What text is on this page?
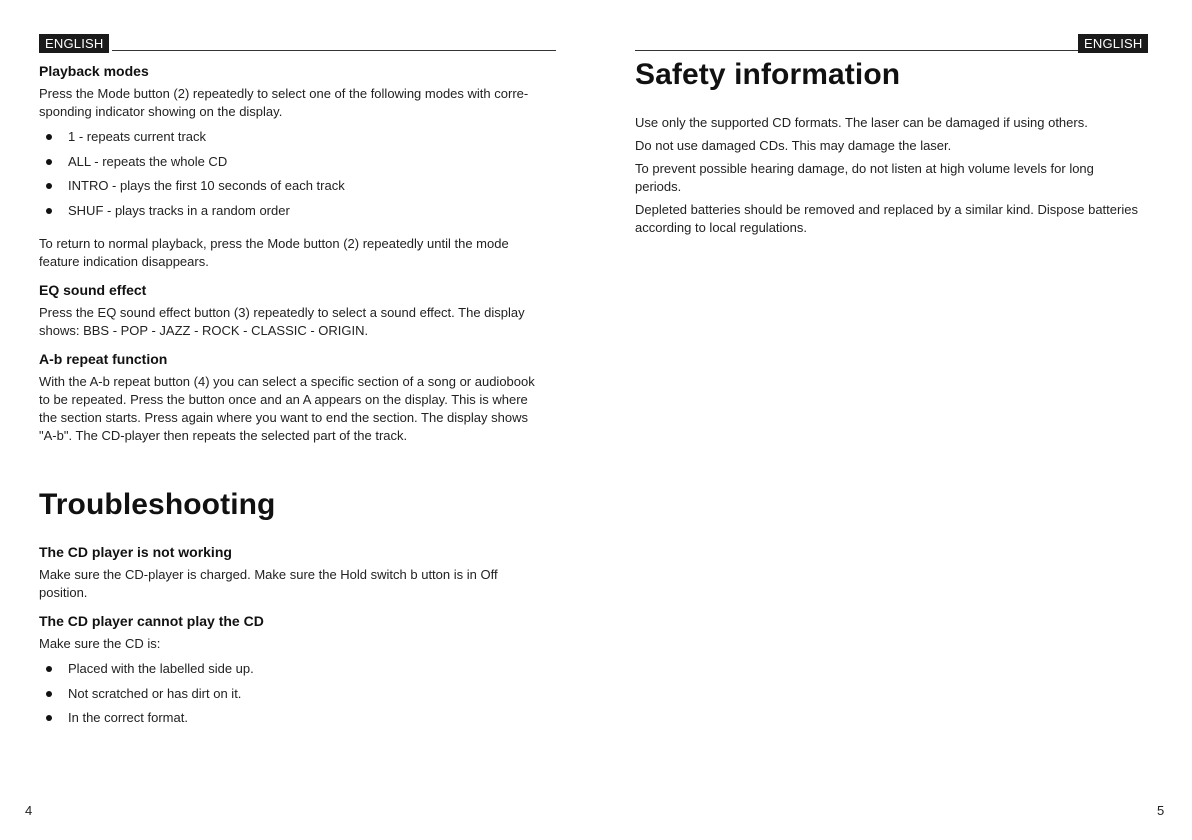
ENGLISH
Playback modes

Press the Mode button (2) repeatedly to select one of the following modes with corre-
sponding indicator showing on the display.

1 - repeats current track
ALL - repeats the whole CD
INTRO - plays the first 10 seconds of each track
SHUF - plays tracks in a random order

To return to normal playback, press the Mode button (2) repeatedly until the mode
feature indication disappears.

EQ sound effect

Press the EQ sound effect button (3) repeatedly to select a sound effect. The display
shows: BBS - POP - JAZZ - ROCK - CLASSIC - ORIGIN.

A-b repeat function

With the A-b repeat button (4) you can select a specific section of a song or audiobook
to be repeated. Press the button once and an A appears on the display. This is where
the section starts. Press again where you want to end the section. The display shows
"A-b". The CD-player then repeats the selected part of the track.

Troubleshooting
The CD player is not working

Make sure the CD-player is charged. Make sure the Hold switch b utton is in Off
position.

The CD player cannot play the CD

Make sure the CD is:

Placed with the labelled side up.
Not scratched or has dirt on it.
In the correct format.
4
ENGLISH
Safety information

Use only the supported CD formats. The laser can be damaged if using others.

Do not use damaged CDs. This may damage the laser.

To prevent possible hearing damage, do not listen at high volume levels for long
periods.

Depleted batteries should be removed and replaced by a similar kind. Dispose batteries
according to local regulations.

5
